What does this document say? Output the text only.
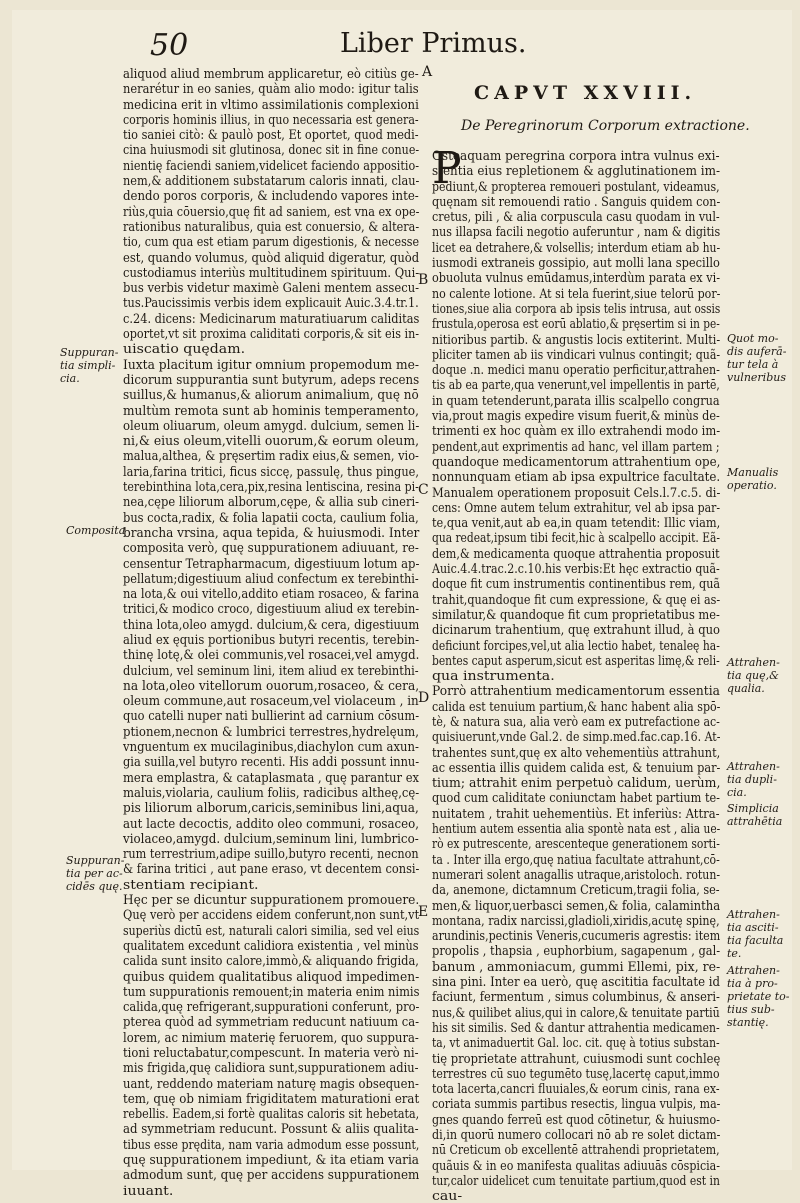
50	Liber Primus.
CAPVT XXVIII.
De Peregrinorum Corporum extractione.
P

aliquod aliud membrum applicaretur, eò citiùs ge-

nerarétur in eo sanies, quàm alio modo: igitur talis

medicina erit in vltimo assimilationis complexioni

corporis hominis illius, in quo necessaria est genera-

tio saniei citò: & paulò post, Et oportet, quod medi-

cina huiusmodi sit glutinosa, donec sit in fine conue-

nientię faciendi saniem,videlicet faciendo appositio-

nem,& additionem substatarum caloris innati, clau-

dendo poros corporis, & includendo vapores inte-

riùs,quia cōuersio,quę fit ad saniem, est vna ex ope-

rationibus naturalibus, quia est conuersio, & altera-

tio, cum qua est etiam parum digestionis, & necesse

est, quando volumus, quòd aliquid digeratur, quòd

custodiamus interiùs multitudinem spirituum. Qui-

bus verbis videtur maximè Galeni mentem assecu-

tus.Paucissimis verbis idem explicauit Auic.3.4.tr.1.

c.24. dicens: Medicinarum maturatiuarum caliditas

oportet,vt sit proxima caliditati corporis,& sit eis in-

uiscatio quędam.

Iuxta placitum igitur omnium propemodum me-

dicorum suppurantia sunt butyrum, adeps recens

suillus,& humanus,& aliorum animalium, quę nō

multùm remota sunt ab hominis temperamento,

oleum oliuarum, oleum amygd. dulcium, semen li-

ni,& eius oleum,vitelli ouorum,& eorum oleum,

malua,althea, & pręsertim radix eius,& semen, vio-

laria,farina tritici, ficus siccę, passulę, thus pingue,

terebinthina lota,cera,pix,resina lentiscina, resina pi-

nea,cępe liliorum alborum,cępe, & allia sub cineri-

bus cocta,radix, & folia lapatii cocta, caulium folia,

brancha vrsina, aqua tepida, & huiusmodi. Inter

composita verò, quę suppurationem adiuuant, re-

censentur Tetrapharmacum, digestiuum lotum ap-

pellatum;digestiuum aliud confectum ex terebinthi-

na lota,& oui vitello,addito etiam rosaceo, & farina

tritici,& modico croco, digestiuum aliud ex terebin-

thina lota,oleo amygd. dulcium,& cera, digestiuum

aliud ex ęquis portionibus butyri recentis, terebin-

thinę lotę,& olei communis,vel rosacei,vel amygd.

dulcium, vel seminum lini, item aliud ex terebinthi-

na lota,oleo vitellorum ouorum,rosaceo, & cera,

oleum commune,aut rosaceum,vel violaceum , in

quo catelli nuper nati bullierint ad carnium cōsum-

ptionem,necnon & lumbrici terrestres,hydrelęum,

vnguentum ex mucilaginibus,diachylon cum axun-

gia suilla,vel butyro recenti. His addi possunt innu-

mera emplastra, & cataplasmata , quę parantur ex

maluis,violaria, caulium foliis, radicibus altheę,cę-

pis liliorum alborum,caricis,seminibus lini,aqua,

aut lacte decoctis, addito oleo communi, rosaceo,

violaceo,amygd. dulcium,seminum lini, lumbrico-

rum terrestrium,adipe suillo,butyro recenti, necnon

& farina tritici , aut pane eraso, vt decentem consi-

stentiam recipiant.

Hęc per se dicuntur suppurationem promouere.

Quę verò per accidens eidem conferunt,non sunt,vt

superiùs dictū est, naturali calori similia, sed vel eius

qualitatem excedunt calidiora existentia , vel minùs

calida sunt insito calore,immò,& aliquando frigida,

quibus quidem qualitatibus aliquod impedimen-

tum suppurationis remouent;in materia enim nimis

calida,quę refrigerant,suppurationi conferunt, pro-

pterea quòd ad symmetriam reducunt natiuum ca-

lorem, ac nimium materię feruorem, quo suppura-

tioni reluctabatur,compescunt. In materia verò ni-

mis frigida,quę calidiora sunt,suppurationem adiu-

uant, reddendo materiam naturę magis obsequen-

tem, quę ob nimiam frigiditatem maturationi erat

rebellis. Eadem,si fortè qualitas caloris sit hebetata,

ad symmetriam reducunt. Possunt & aliis qualita-

tibus esse prędita, nam varia admodum esse possunt,

quę suppurationem impediunt, & ita etiam varia

admodum sunt, quę per accidens suppurationem

iuuant.

Osteaquam peregrina corpora intra vulnus exi-

stentia eius repletionem & agglutinationem im-

pediunt,& propterea remoueri postulant, videamus,

quęnam sit remouendi ratio . Sanguis quidem con-

cretus, pili , & alia corpuscula casu quodam in vul-

nus illapsa facili negotio auferuntur , nam & digitis

licet ea detrahere,& volsellis; interdum etiam ab hu-

iusmodi extraneis gossipio, aut molli lana specillo

obuoluta vulnus emūdamus,interdùm parata ex vi-

no calente lotione. At si tela fuerint,siue telorū por-

tiones,siue alia corpora ab ipsis telis intrusa, aut ossis

frustula,operosa est eorū ablatio,& pręsertim si in pe-

nitioribus partib. & angustis locis extiterint. Multi-

pliciter tamen ab iis vindicari vulnus contingit; quã-

doque .n. medici manu operatio perficitur,attrahen-

tis ab ea parte,qua venerunt,vel impellentis in partē,

in quam tetenderunt,parata illis scalpello congrua

via,prout magis expedire visum fuerit,& minùs de-

trimenti ex hoc quàm ex illo extrahendi modo im-

pendent,aut exprimentis ad hanc, vel illam partem ;

quandoque medicamentorum attrahentium ope,

nonnunquam etiam ab ipsa expultrice facultate.

Manualem operationem proposuit Cels.l.7.c.5. di-

cens: Omne autem telum extrahitur, vel ab ipsa par-

te,qua venit,aut ab ea,in quam tetendit: Illic viam,

qua redeat,ipsum tibi fecit,hic à scalpello accipit. Eã-

dem,& medicamenta quoque attrahentia proposuit

Auic.4.4.trac.2.c.10.his verbis:Et hęc extractio quã-

doque fit cum instrumentis continentibus rem, quã

trahit,quandoque fit cum expressione, & quę ei as-

similatur,& quandoque fit cum proprietatibus me-

dicinarum trahentium, quę extrahunt illud, à quo

deficiunt forcipes,vel,ut alia lectio habet, tenaleę ha-

bentes caput asperum,sicut est asperitas limę,& reli-

qua instrumenta.

Porrò attrahentium medicamentorum essentia

calida est tenuium partium,& hanc habent alia spō-

tè, & natura sua, alia verò eam ex putrefactione ac-

quisiuerunt,vnde Gal.2. de simp.med.fac.cap.16. At-

trahentes sunt,quę ex alto vehementiùs attrahunt,

ac essentia illis quidem calida est, & tenuium par-

tium; attrahit enim perpetuò calidum, uerùm,

quod cum caliditate coniunctam habet partium te-

nuitatem , trahit uehementiùs. Et inferiùs: Attra-

hentium autem essentia alia spontè nata est , alia ue-

rò ex putrescente, arescenteque generationem sorti-

ta . Inter illa ergo,quę natiua facultate attrahunt,cō-

numerari solent anagallis utraque,aristoloch. rotun-

da, anemone, dictamnum Creticum,tragii folia, se-

men,& liquor,uerbasci semen,& folia, calamintha

montana, radix narcissi,gladioli,xiridis,acutę spinę,

arundinis,pectinis Veneris,cucumeris agrestis: item

propolis , thapsia , euphorbium, sagapenum , gal-

banum , ammoniacum, gummi Ellemi, pix, re-

sina pini. Inter ea uerò, quę ascititia facultate id

faciunt, fermentum , simus columbinus, & anseri-

nus,& quilibet alius,qui in calore,& tenuitate partiū

his sit similis. Sed & dantur attrahentia medicamen-

ta, vt animaduertit Gal. loc. cit. quę à totius substan-

tię proprietate attrahunt, cuiusmodi sunt cochleę

terrestres cū suo tegumēto tusę,lacertę caput,immo

tota lacerta,cancri fluuiales,& eorum cinis, rana ex-

coriata summis partibus resectis, lingua vulpis, ma-

gnes quando ferreū est quod cōtinetur, & huiusmo-

di,in quorū numero collocari nō ab re solet dictam-

nū Creticum ob excellentē attrahendi proprietatem,

quãuis & in eo manifesta qualitas adiuuās cōspicia-

tur,calor uidelicet cum tenuitate partium,quod est in

cau-

A
B
C
D
E
Suppuran-
tia simpli-
cia.
Composita
Suppuran-
tia per ac-
cidēs quę.
Quot mo-
dis auferā-
tur tela à
vulneribus
Manualis
operatio.
Attrahen-
tia quę,&
qualia.
Attrahen-
tia dupli-
cia.
Simplicia
attrahētia
Attrahen-
tia asciti-
tia faculta
te.
Attrahen-
tia à pro-
prietate to-
tius sub-
stantię.
